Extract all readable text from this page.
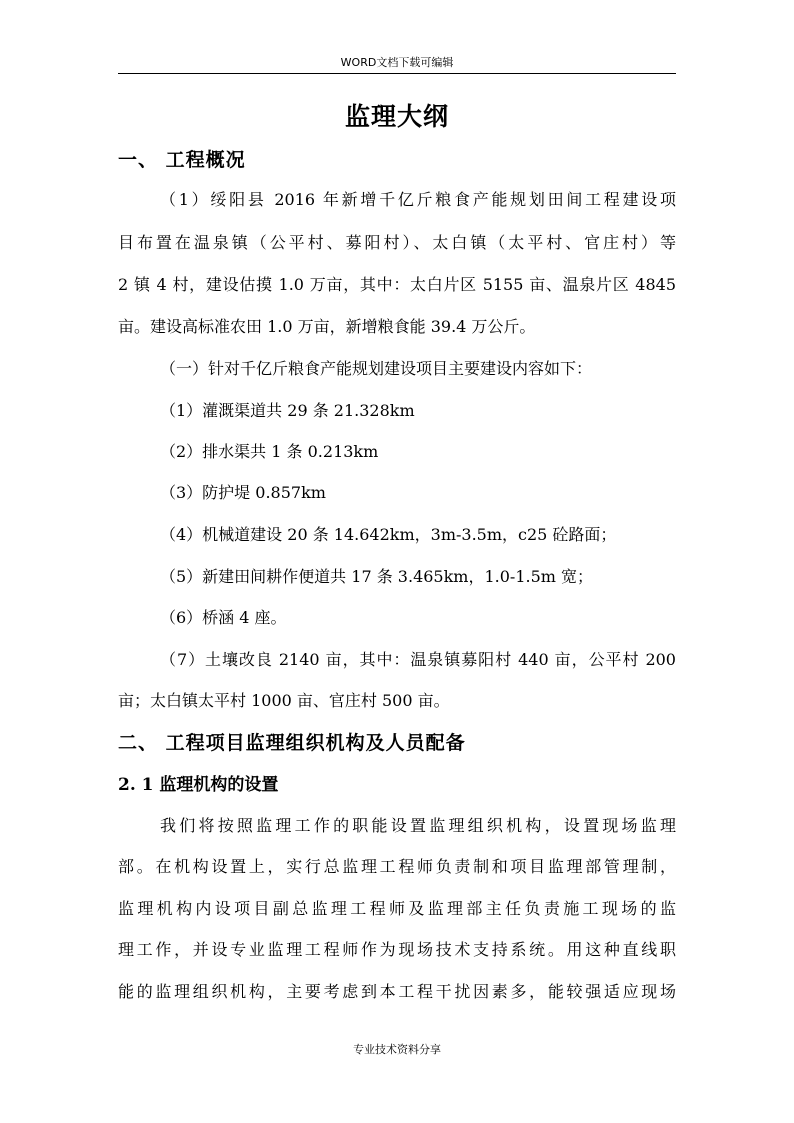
WORD文档下载可编辑
监理大纲
一、 工程概况
（1）绥阳县 2016 年新增千亿斤粮食产能规划田间工程建设项
目布置在温泉镇（公平村、募阳村）、太白镇（太平村、官庄村）等
2 镇 4 村，建设估摸 1.0 万亩，其中：太白片区 5155 亩、温泉片区 4845
亩。建设高标准农田 1.0 万亩，新增粮食能 39.4 万公斤。
（一）针对千亿斤粮食产能规划建设项目主要建设内容如下：
（1）灌溉渠道共 29 条 21.328km
（2）排水渠共 1 条 0.213km
（3）防护堤 0.857km
（4）机械道建设 20 条 14.642km，3m-3.5m，c25 砼路面；
（5）新建田间耕作便道共 17 条 3.465km，1.0-1.5m 宽；
（6）桥涵 4 座。
（7）土壤改良 2140 亩，其中：温泉镇募阳村 440 亩，公平村 200
亩；太白镇太平村 1000 亩、官庄村 500 亩。
二、 工程项目监理组织机构及人员配备
2. 1 监理机构的设置
我们将按照监理工作的职能设置监理组织机构，设置现场监理
部。在机构设置上，实行总监理工程师负责制和项目监理部管理制，
监理机构内设项目副总监理工程师及监理部主任负责施工现场的监
理工作，并设专业监理工程师作为现场技术支持系统。用这种直线职
能的监理组织机构，主要考虑到本工程干扰因素多，能较强适应现场
专业技术资料分享
